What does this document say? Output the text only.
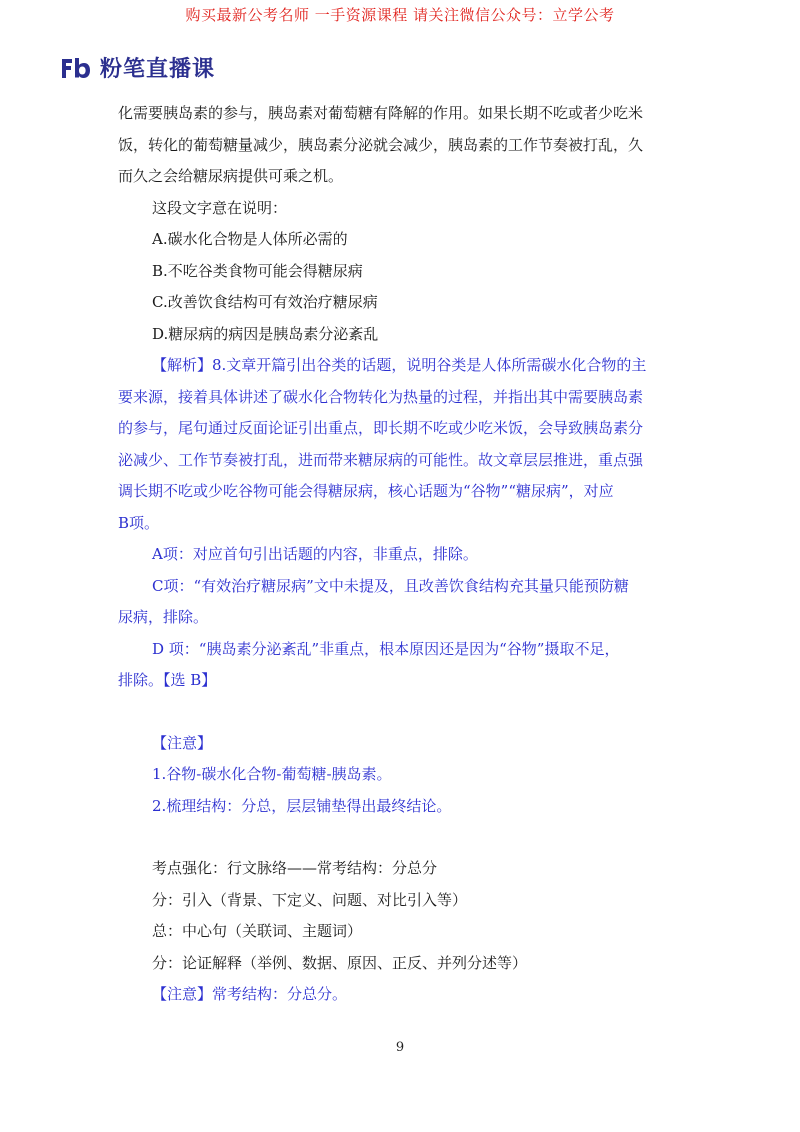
购买最新公考名师 一手资源课程 请关注微信公众号：立学公考
粉笔直播课
化需要胰岛素的参与，胰岛素对葡萄糖有降解的作用。如果长期不吃或者少吃米
饭，转化的葡萄糖量减少，胰岛素分泌就会减少，胰岛素的工作节奏被打乱，久
而久之会给糖尿病提供可乘之机。
这段文字意在说明：
A.碳水化合物是人体所必需的
B.不吃谷类食物可能会得糖尿病
C.改善饮食结构可有效治疗糖尿病
D.糖尿病的病因是胰岛素分泌紊乱
【解析】8.文章开篇引出谷类的话题，说明谷类是人体所需碳水化合物的主
要来源，接着具体讲述了碳水化合物转化为热量的过程，并指出其中需要胰岛素
的参与，尾句通过反面论证引出重点，即长期不吃或少吃米饭，会导致胰岛素分
泌减少、工作节奏被打乱，进而带来糖尿病的可能性。故文章层层推进，重点强
调长期不吃或少吃谷物可能会得糖尿病，核心话题为“谷物”“糖尿病”，对应
B项。
A项：对应首句引出话题的内容，非重点，排除。
C项：“有效治疗糖尿病”文中未提及，且改善饮食结构充其量只能预防糖
尿病，排除。
D 项：“胰岛素分泌紊乱”非重点，根本原因还是因为“谷物”摄取不足，
排除。【选 B】
【注意】
1.谷物-碳水化合物-葡萄糖-胰岛素。
2.梳理结构：分总，层层铺垫得出最终结论。
考点强化：行文脉络——常考结构：分总分
分：引入（背景、下定义、问题、对比引入等）
总：中心句（关联词、主题词）
分：论证解释（举例、数据、原因、正反、并列分述等）
【注意】常考结构：分总分。
9
